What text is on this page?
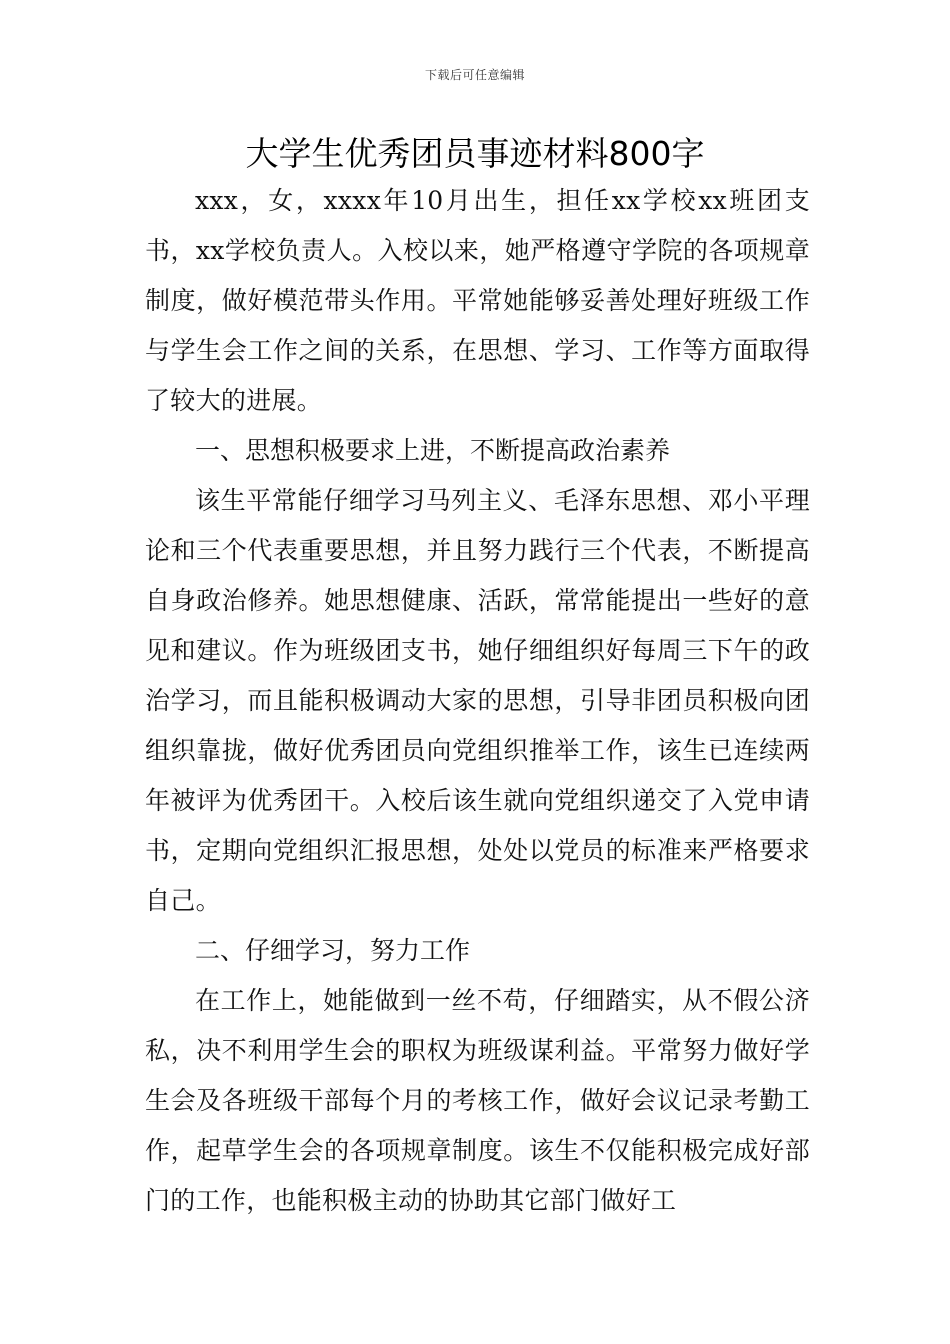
下载后可任意编辑
大学生优秀团员事迹材料800字

xxx，女，xxxx年10月出生，担任xx学校xx班团支书，xx学校负责人。入校以来，她严格遵守学院的各项规章制度，做好模范带头作用。平常她能够妥善处理好班级工作与学生会工作之间的关系，在思想、学习、工作等方面取得了较大的进展。

一、思想积极要求上进，不断提高政治素养

该生平常能仔细学习马列主义、毛泽东思想、邓小平理论和三个代表重要思想，并且努力践行三个代表，不断提高自身政治修养。她思想健康、活跃，常常能提出一些好的意见和建议。作为班级团支书，她仔细组织好每周三下午的政治学习，而且能积极调动大家的思想，引导非团员积极向团组织靠拢，做好优秀团员向党组织推举工作，该生已连续两年被评为优秀团干。入校后该生就向党组织递交了入党申请书，定期向党组织汇报思想，处处以党员的标准来严格要求自己。

二、仔细学习，努力工作

在工作上，她能做到一丝不苟，仔细踏实，从不假公济私，决不利用学生会的职权为班级谋利益。平常努力做好学生会及各班级干部每个月的考核工作，做好会议记录考勤工作，起草学生会的各项规章制度。该生不仅能积极完成好部门的工作，也能积极主动的协助其它部门做好工
